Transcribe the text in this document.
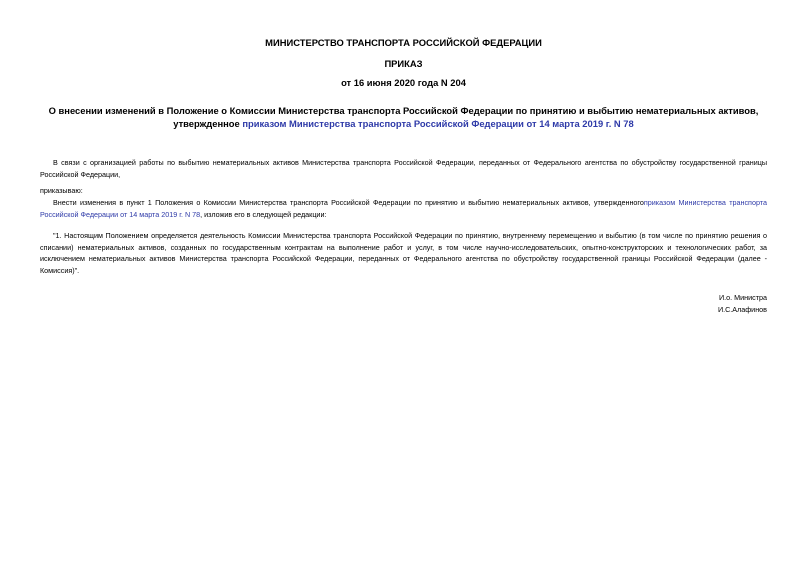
МИНИСТЕРСТВО ТРАНСПОРТА РОССИЙСКОЙ ФЕДЕРАЦИИ
ПРИКАЗ
от 16 июня 2020 года N 204
О внесении изменений в Положение о Комиссии Министерства транспорта Российской Федерации по принятию и выбытию нематериальных активов, утвержденное приказом Министерства транспорта Российской Федерации от 14 марта 2019 г. N 78
В связи с организацией работы по выбытию нематериальных активов Министерства транспорта Российской Федерации, переданных от Федерального агентства по обустройству государственной границы Российской Федерации,
приказываю:
Внести изменения в пункт 1 Положения о Комиссии Министерства транспорта Российской Федерации по принятию и выбытию нематериальных активов, утвержденногоприказом Министерства транспорта Российской Федерации от 14 марта 2019 г. N 78, изложив его в следующей редакции:
"1. Настоящим Положением определяется деятельность Комиссии Министерства транспорта Российской Федерации по принятию, внутреннему перемещению и выбытию (в том числе по принятию решения о списании) нематериальных активов, созданных по государственным контрактам на выполнение работ и услуг, в том числе научно-исследовательских, опытно-конструкторских и технологических работ, за исключением нематериальных активов Министерства транспорта Российской Федерации, переданных от Федерального агентства по обустройству государственной границы Российской Федерации (далее - Комиссия)".
И.о. Министра
И.С.Алафинов
